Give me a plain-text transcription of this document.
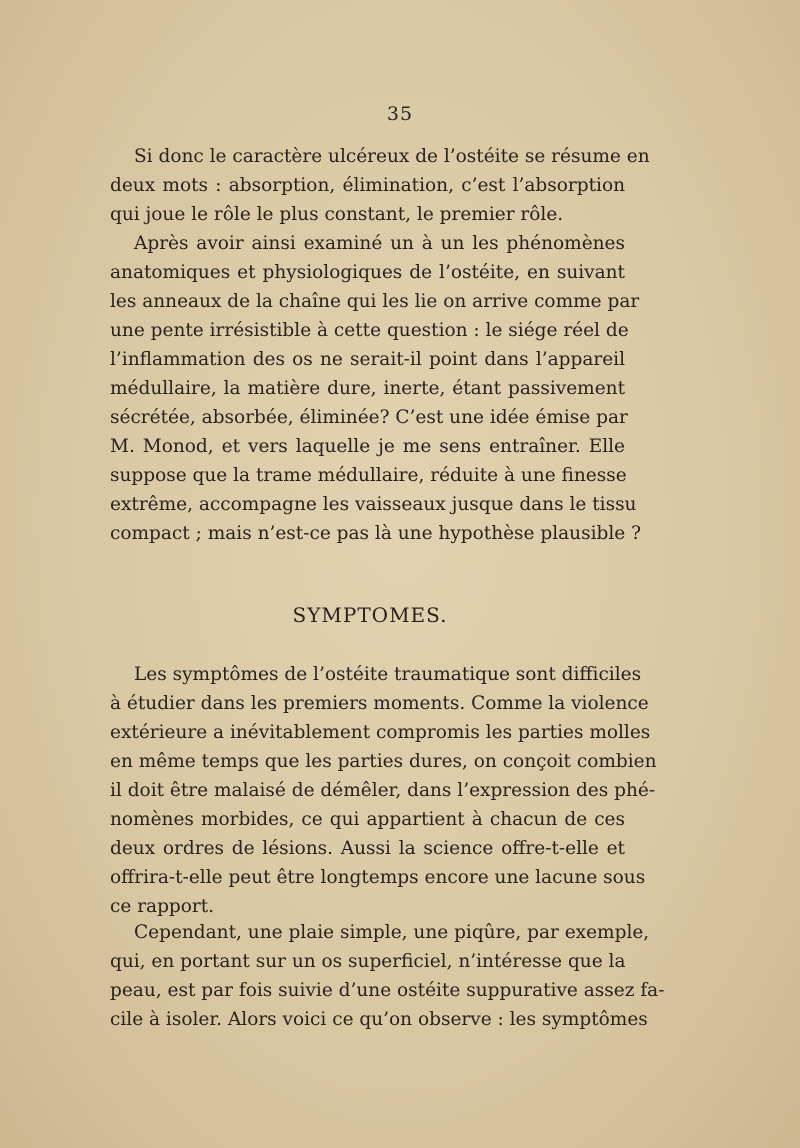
35
Si donc le caractère ulcéreux de l’ostéite se résume en
deux mots : absorption, élimination, c’est l’absorption
qui joue le rôle le plus constant, le premier rôle.
Après avoir ainsi examiné un à un les phénomènes
anatomiques et physiologiques de l’ostéite, en suivant
les anneaux de la chaîne qui les lie on arrive comme par
une pente irrésistible à cette question : le siége réel de
l’inflammation des os ne serait-il point dans l’appareil
médullaire, la matière dure, inerte, étant passivement
sécrétée, absorbée, éliminée? C’est une idée émise par
M. Monod, et vers laquelle je me sens entraîner. Elle
suppose que la trame médullaire, réduite à une finesse
extrême, accompagne les vaisseaux jusque dans le tissu
compact ; mais n’est-ce pas là une hypothèse plausible ?
SYMPTOMES.
Les symptômes de l’ostéite traumatique sont difficiles
à étudier dans les premiers moments. Comme la violence
extérieure a inévitablement compromis les parties molles
en même temps que les parties dures, on conçoit combien
il doit être malaisé de démêler, dans l’expression des phé-
nomènes morbides, ce qui appartient à chacun de ces
deux ordres de lésions. Aussi la science offre-t-elle et
offrira-t-elle peut être longtemps encore une lacune sous
ce rapport.
Cependant, une plaie simple, une piqûre, par exemple,
qui, en portant sur un os superficiel, n’intéresse que la
peau, est par fois suivie d’une ostéite suppurative assez fa-
cile à isoler. Alors voici ce qu’on observe : les symptômes
